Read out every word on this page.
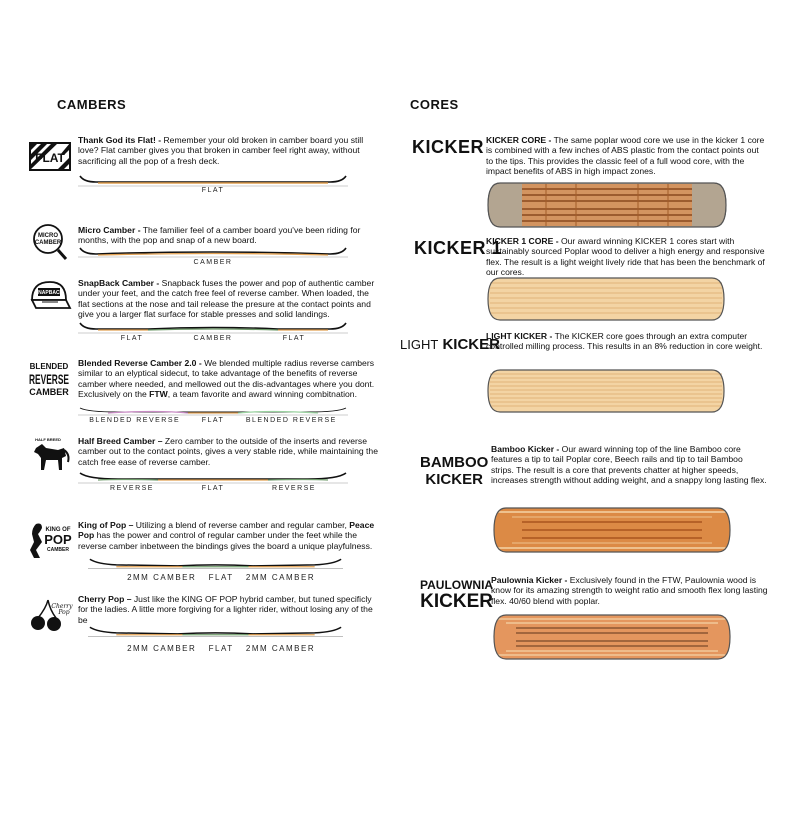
CAMBERS	CORES
FLAT
Thank God its Flat! - Remember your old broken in camber board you still love? Flat camber gives you that broken in camber feel right away, without sacrificing all the pop of a fresh deck.
FLAT
MICRO
CAMBER
Micro Camber - The familier feel of a camber board you've been riding for months, with the pop and snap of a new board.
CAMBER
SNAPBACK
SnapBack Camber - Snapback fuses the power and pop of authentic camber under your feet, and the catch free feel of reverse camber. When loaded, the flat sections at the nose and tail release the presure at the contact points and give you a larger flat surface for stable presses and solid landings.
FLAT	CAMBER	FLAT
BLENDED
REVERSE
CAMBER
Blended Reverse Camber 2.0 - We blended multiple radius reverse cambers similar to an elyptical sidecut, to take advantage of the benefits of reverse camber where needed, and mellowed out the dis-advantages where you dont. Exclusively on the FTW, a team favorite and award winning combitnation.
BLENDED REVERSE	FLAT	BLENDED REVERSE
HALF BREED Half Breed Camber – Zero camber to the outside of the inserts and reverse camber out to the contact points, gives a very stable ride, while maintaining the catch free ease of reverse camber.
REVERSE	FLAT	REVERSE
KING OF
POP
CAMBER
King of Pop – Utilizing a blend of reverse camber and regular camber, Peace Pop has the power and control of regular camber under the feet while the reverse camber inbetween the bindings gives the board a unique playfulness.
2MM CAMBER FLAT 2MM CAMBER
Cherry
Pop
Cherry Pop – Just like the KING OF POP hybrid camber, but tuned specificly for the ladies. A little more forgiving for a lighter rider, without losing any of the be
2MM CAMBER FLAT 2MM CAMBER
KICKER KICKER CORE - The same poplar wood core we use in the kicker 1 core is combined with a few inches of ABS plastic from the contact points out to the tips. This provides the classic feel of a full wood core, with the impact benefits of ABS in high impact zones.
KICKER 1
KICKER 1 CORE - Our award winning KICKER 1 cores start with sustainably sourced Poplar wood to deliver a high energy and responsive flex. The result is a light weight lively ride that has been the benchmark of our cores.
LIGHT KICKER
LIGHT KICKER - The KICKER core goes through an extra computer controlled milling process. This results in an 8% reduction in core weight.
BAMBOO
KICKER
Bamboo Kicker - Our award winning top of the line Bamboo core features a tip to tail Poplar core, Beech rails and tip to tail Bamboo strips. The result is a core that prevents chatter at higher speeds, increases strength without adding weight, and a snappy long lasting flex.
PAULOWNIA
KICKER
Paulownia Kicker - Exclusively found in the FTW, Paulownia wood is know for its amazing strength to weight ratio and smooth flex long lasting flex. 40/60 blend with poplar.
